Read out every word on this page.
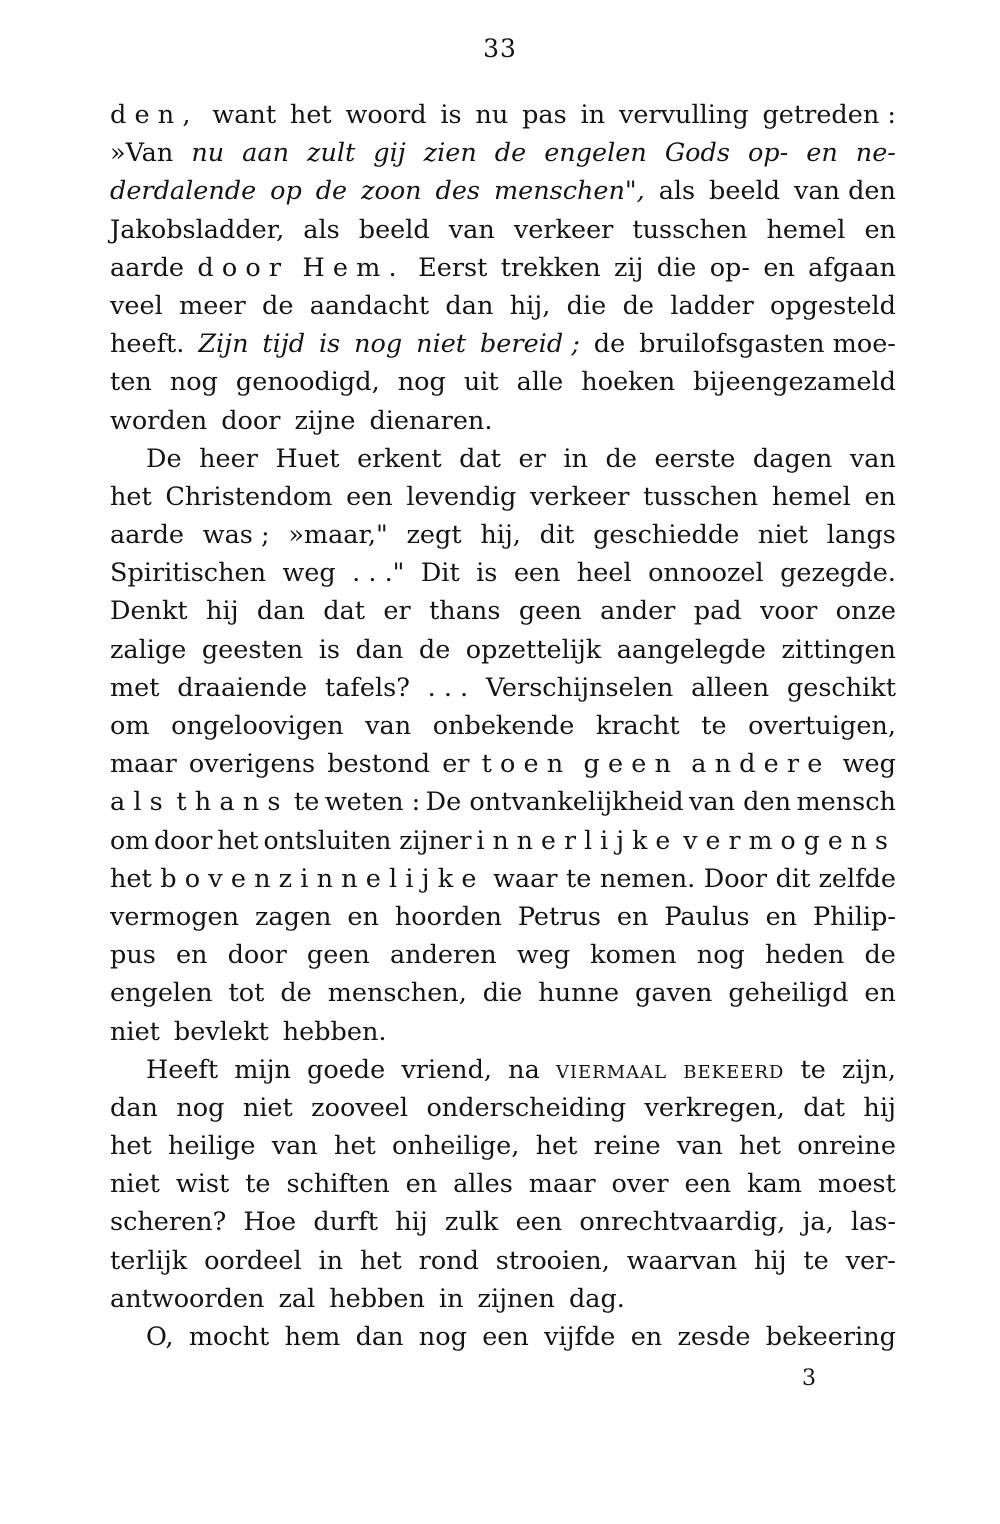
33
den, want het woord is nu pas in vervulling getreden :
»Van nu aan zult gij zien de engelen Gods op- en ne-
derdalende op de zoon des menschen", als beeld van den
Jakobsladder, als beeld van verkeer tusschen hemel en
aarde door Hem. Eerst trekken zij die op- en afgaan
veel meer de aandacht dan hij, die de ladder opgesteld
heeft. Zijn tijd is nog niet bereid ; de bruilofsgasten moe-
ten nog genoodigd, nog uit alle hoeken bijeengezameld
worden door zijne dienaren.
De heer Huet erkent dat er in de eerste dagen van
het Christendom een levendig verkeer tusschen hemel en
aarde was ; »maar," zegt hij, dit geschiedde niet langs
Spiritischen weg . . ." Dit is een heel onnoozel gezegde.
Denkt hij dan dat er thans geen ander pad voor onze
zalige geesten is dan de opzettelijk aangelegde zittingen
met draaiende tafels? . . . Verschijnselen alleen geschikt
om ongeloovigen van onbekende kracht te overtuigen,
maar overigens bestond er toen geen andere weg
als thans te weten : De ontvankelijkheid van den mensch
om door het ontsluiten zijner innerlijke vermogens
het bovenzinnelijke waar te nemen. Door dit zelfde
vermogen zagen en hoorden Petrus en Paulus en Philip-
pus en door geen anderen weg komen nog heden de
engelen tot de menschen, die hunne gaven geheiligd en
niet bevlekt hebben.
Heeft mijn goede vriend, na VIERMAAL BEKEERD te zijn,
dan nog niet zooveel onderscheiding verkregen, dat hij
het heilige van het onheilige, het reine van het onreine
niet wist te schiften en alles maar over een kam moest
scheren? Hoe durft hij zulk een onrechtvaardig, ja, las-
terlijk oordeel in het rond strooien, waarvan hij te ver-
antwoorden zal hebben in zijnen dag.
O, mocht hem dan nog een vijfde en zesde bekeering
3
